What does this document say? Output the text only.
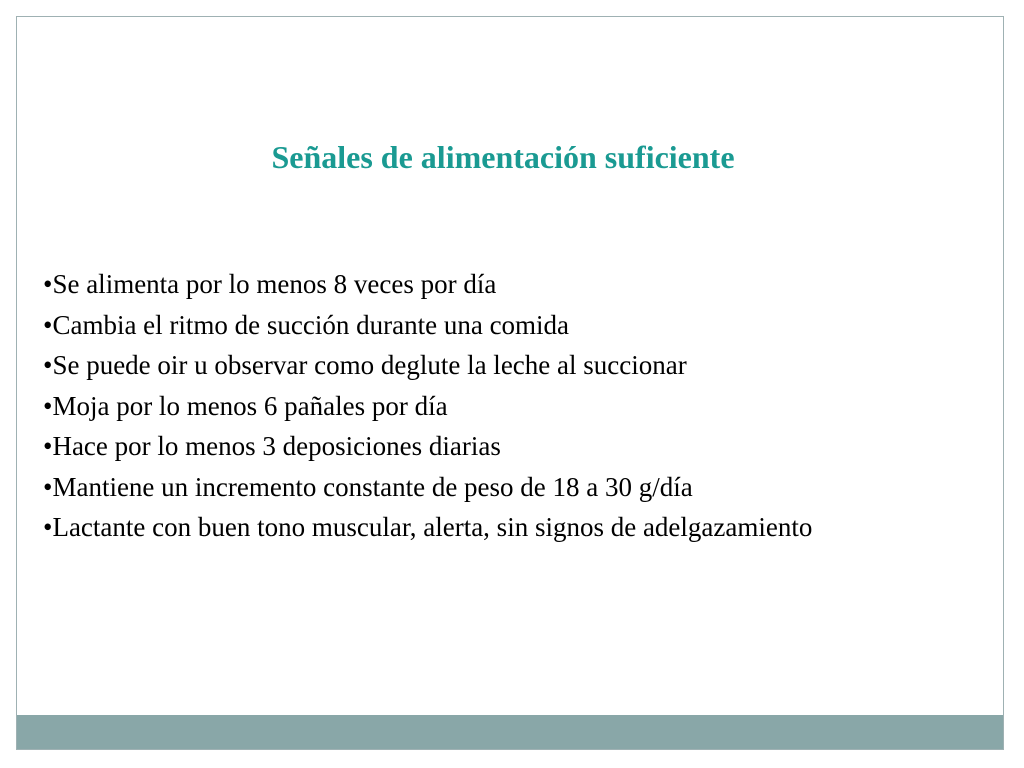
Señales de alimentación suficiente
•Se alimenta por lo menos 8 veces por día
•Cambia el ritmo de succión durante una comida
•Se puede oir u observar como deglute la leche al succionar
•Moja por lo menos 6 pañales por día
•Hace por lo menos 3 deposiciones diarias
•Mantiene un incremento constante de peso de 18 a 30 g/día
•Lactante con buen tono muscular, alerta, sin signos de adelgazamiento
